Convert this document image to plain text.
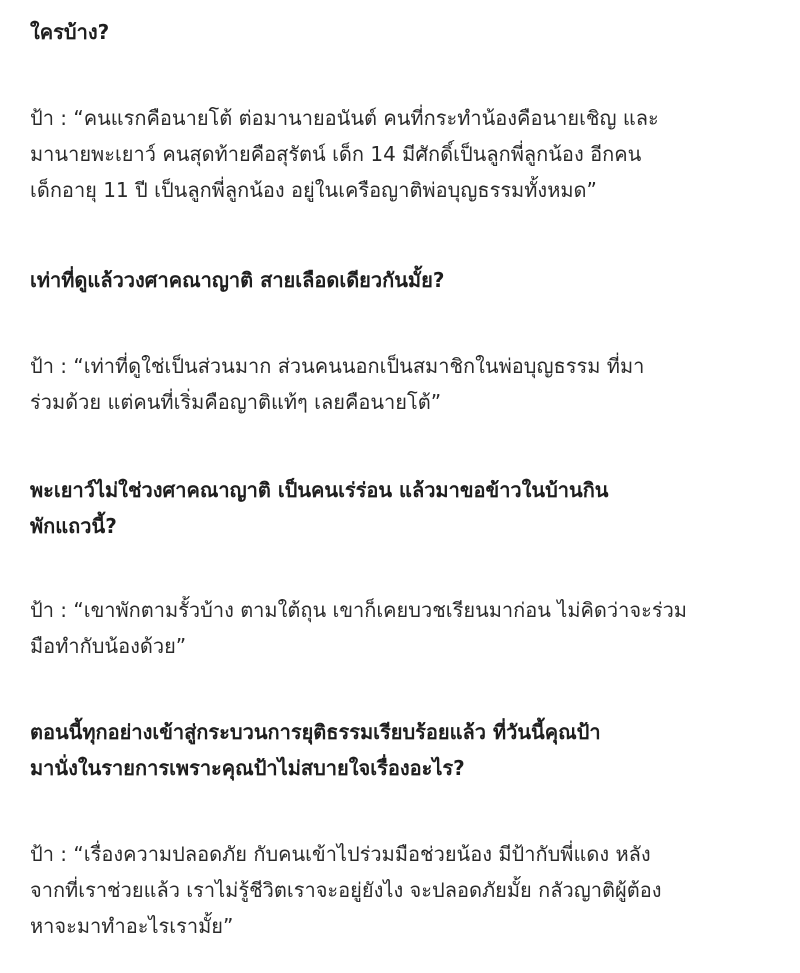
ใครบ้าง?
ป้า : “คนแรกคือนายโต้ ต่อมานายอนันต์ คนที่กระทำน้องคือนายเชิญ และ
มานายพะเยาว์ คนสุดท้ายคือสุรัตน์ เด็ก 14 มีศักดิ์เป็นลูกพี่ลูกน้อง อีกคน
เด็กอายุ 11 ปี เป็นลูกพี่ลูกน้อง อยู่ในเครือญาติพ่อบุญธรรมทั้งหมด”
เท่าที่ดูแล้ววงศาคณาญาติ สายเลือดเดียวกันมั้ย?
ป้า : “เท่าที่ดูใช่เป็นส่วนมาก ส่วนคนนอกเป็นสมาชิกในพ่อบุญธรรม ที่มา
ร่วมด้วย แต่คนที่เริ่มคือญาติแท้ๆ เลยคือนายโต้”
พะเยาว์ไม่ใช่วงศาคณาญาติ เป็นคนเร่ร่อน แล้วมาขอข้าวในบ้านกิน
พักแถวนี้?
ป้า : “เขาพักตามรั้วบ้าง ตามใต้ถุน เขาก็เคยบวชเรียนมาก่อน ไม่คิดว่าจะร่วม
มือทำกับน้องด้วย”
ตอนนี้ทุกอย่างเข้าสู่กระบวนการยุติธรรมเรียบร้อยแล้ว ที่วันนี้คุณป้า
มานั่งในรายการเพราะคุณป้าไม่สบายใจเรื่องอะไร?
ป้า : “เรื่องความปลอดภัย กับคนเข้าไปร่วมมือช่วยน้อง มีป้ากับพี่แดง หลัง
จากที่เราช่วยแล้ว เราไม่รู้ชีวิตเราจะอยู่ยังไง จะปลอดภัยมั้ย กลัวญาติผู้ต้อง
หาจะมาทำอะไรเรามั้ย”
